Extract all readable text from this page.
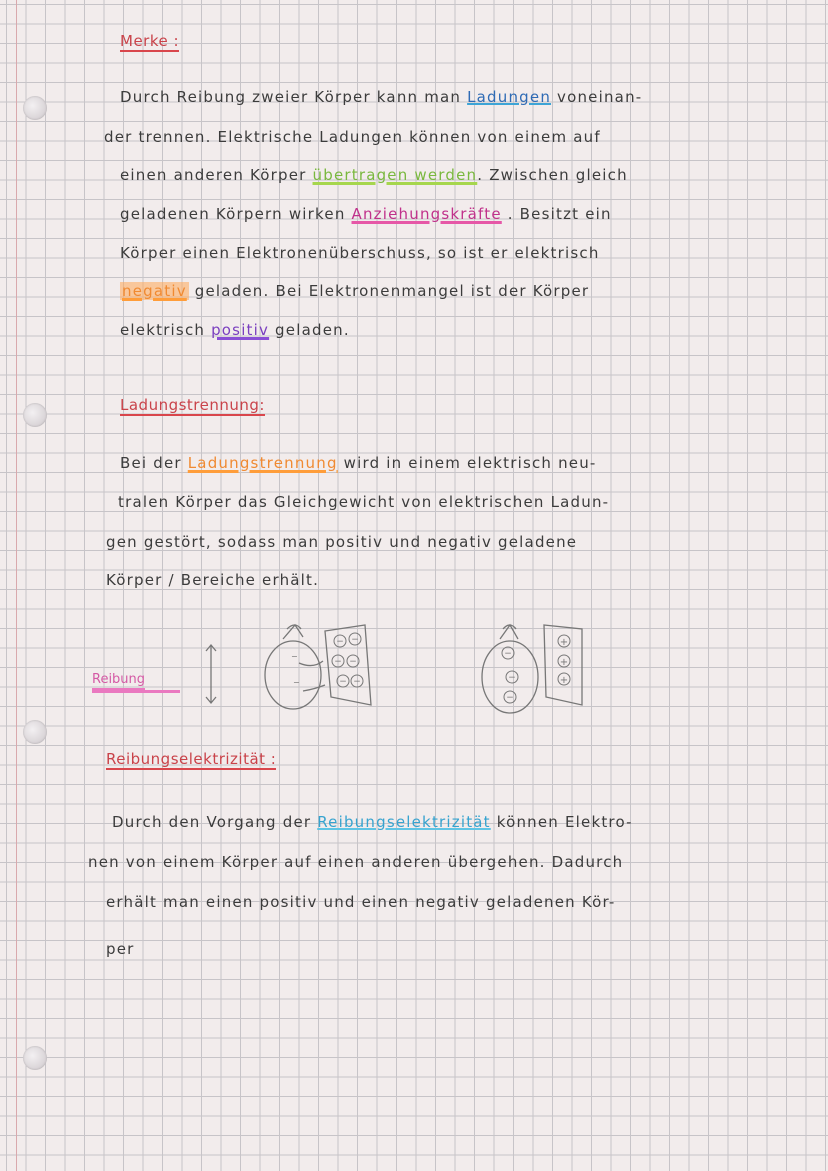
Merke :
Durch Reibung zweier Körper kann man Ladungen voneinan-
der trennen. Elektrische Ladungen können von einem auf
einen anderen Körper übertragen werden. Zwischen gleich
geladenen Körpern wirken Anziehungskräfte . Besitzt ein
Körper einen Elektronenüberschuss, so ist er elektrisch
negativ geladen. Bei Elektronenmangel ist der Körper
elektrisch positiv geladen.
Ladungstrennung:
Bei der Ladungstrennung wird in einem elektrisch neu-
tralen Körper das Gleichgewicht von elektrischen Ladun-
gen gestört, sodass man positiv und negativ geladene
Körper / Bereiche erhält.
Reibung
−
−
− −
− −
− −
−
−
−
+
+
+
Reibungselektrizität :
Durch den Vorgang der Reibungselektrizität können Elektro-
nen von einem Körper auf einen anderen übergehen. Dadurch
erhält man einen positiv und einen negativ geladenen Kör-
per
